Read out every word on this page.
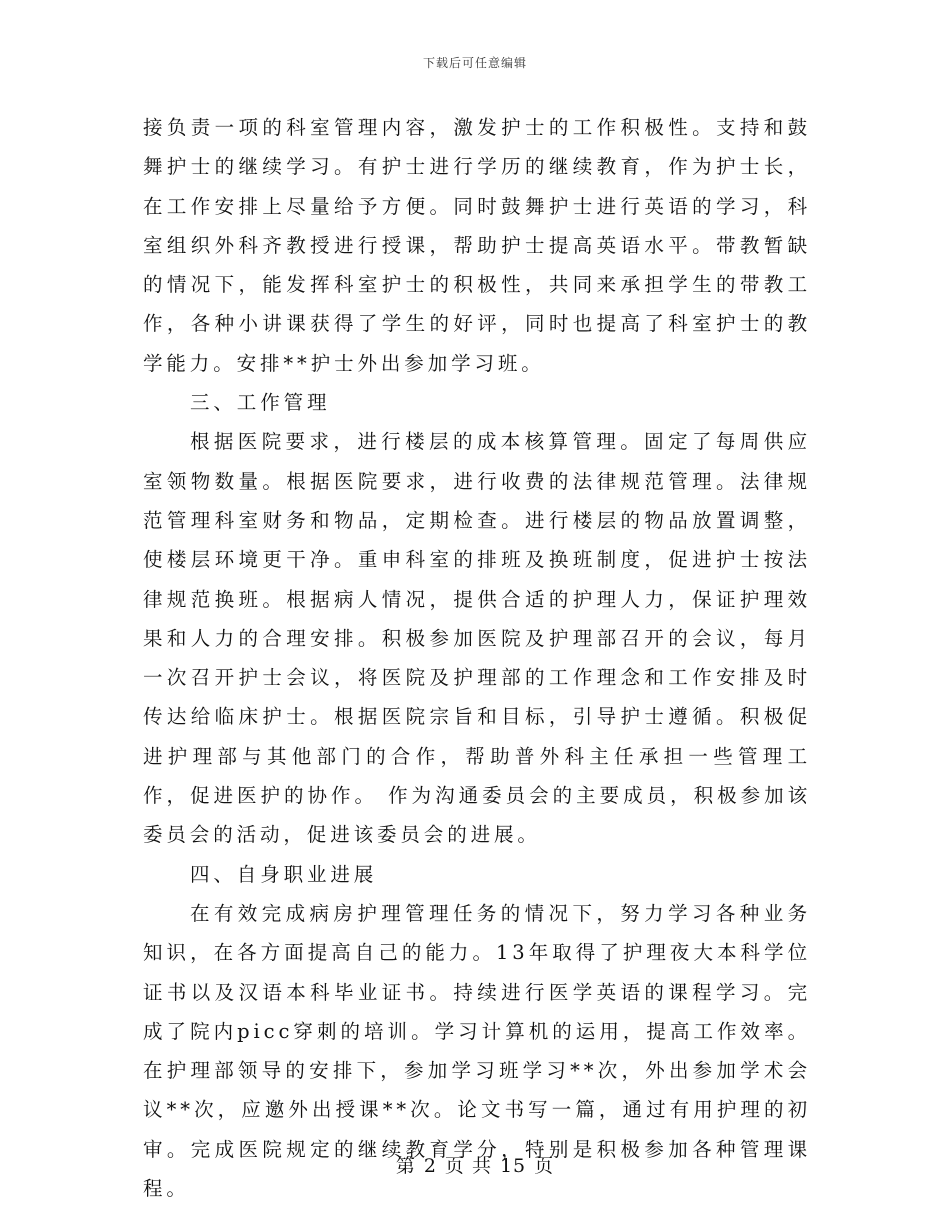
下载后可任意编辑

接负责一项的科室管理内容，激发护士的工作积极性。支持和鼓舞护士的继续学习。有护士进行学历的继续教育，作为护士长，在工作安排上尽量给予方便。同时鼓舞护士进行英语的学习，科室组织外科齐教授进行授课，帮助护士提高英语水平。带教暂缺的情况下，能发挥科室护士的积极性，共同来承担学生的带教工作，各种小讲课获得了学生的好评，同时也提高了科室护士的教学能力。安排**护士外出参加学习班。

三、工作管理

根据医院要求，进行楼层的成本核算管理。固定了每周供应室领物数量。根据医院要求，进行收费的法律规范管理。法律规范管理科室财务和物品，定期检查。进行楼层的物品放置调整，使楼层环境更干净。重申科室的排班及换班制度，促进护士按法律规范换班。根据病人情况，提供合适的护理人力，保证护理效果和人力的合理安排。积极参加医院及护理部召开的会议，每月一次召开护士会议，将医院及护理部的工作理念和工作安排及时传达给临床护士。根据医院宗旨和目标，引导护士遵循。积极促进护理部与其他部门的合作，帮助普外科主任承担一些管理工作，促进医护的协作。 作为沟通委员会的主要成员，积极参加该委员会的活动，促进该委员会的进展。

四、自身职业进展

在有效完成病房护理管理任务的情况下，努力学习各种业务知识，在各方面提高自己的能力。13年取得了护理夜大本科学位证书以及汉语本科毕业证书。持续进行医学英语的课程学习。完成了院内picc穿刺的培训。学习计算机的运用，提高工作效率。在护理部领导的安排下，参加学习班学习**次，外出参加学术会议**次，应邀外出授课**次。论文书写一篇，通过有用护理的初审。完成医院规定的继续教育学分，特别是积极参加各种管理课程。

第 2 页 共 15 页
